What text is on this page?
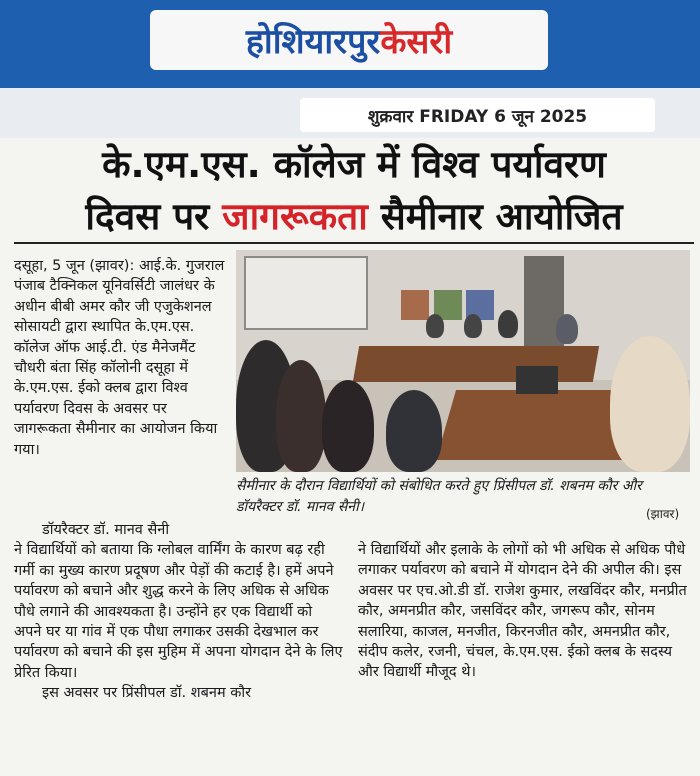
होशियारपुर केसरी
शुक्रवार FRIDAY 6 जून 2025
के.एम.एस. कॉलेज में विश्व पर्यावरण
दिवस पर जागरूकता सैमीनार आयोजित

दसूहा, 5 जून (झावर): आई.के. गुजराल पंजाब टैक्निकल यूनिवर्सिटी जालंधर के अधीन बीबी अमर कौर जी एजुकेशनल सोसायटी द्वारा स्थापित के.एम.एस. कॉलेज ऑफ आई.टी. एंड मैनेजमैंट चौधरी बंता सिंह कॉलोनी दसूहा में के.एम.एस. ईको क्लब द्वारा विश्व पर्यावरण दिवस के अवसर पर जागरूकता सैमीनार का आयोजन किया गया।

सैमीनार के दौरान विद्यार्थियों को संबोधित करते हुए प्रिंसीपल डॉ. शबनम कौर और डॉयरैक्टर डॉ. मानव सैनी।	(झावर)

डॉयरैक्टर डॉ. मानव सैनी

ने विद्यार्थियों को बताया कि ग्लोबल वार्मिंग के कारण बढ़ रही गर्मी का मुख्य कारण प्रदूषण और पेड़ों की कटाई है। हमें अपने पर्यावरण को बचाने और शुद्ध करने के लिए अधिक से अधिक पौधे लगाने की आवश्यकता है। उन्होंने हर एक विद्यार्थी को अपने घर या गांव में एक पौधा लगाकर उसकी देखभाल कर पर्यावरण को बचाने की इस मुहिम में अपना योगदान देने के लिए प्रेरित किया।

इस अवसर पर प्रिंसीपल डॉ. शबनम कौर

ने विद्यार्थियों और इलाके के लोगों को भी अधिक से अधिक पौधे लगाकर पर्यावरण को बचाने में योगदान देने की अपील की। इस अवसर पर एच.ओ.डी डॉ. राजेश कुमार, लखविंदर कौर, मनप्रीत कौर, अमनप्रीत कौर, जसविंदर कौर, जगरूप कौर, सोनम सलारिया, काजल, मनजीत, किरनजीत कौर, अमनप्रीत कौर, संदीप कलेर, रजनी, चंचल, के.एम.एस. ईको क्लब के सदस्य और विद्यार्थी मौजूद थे।
